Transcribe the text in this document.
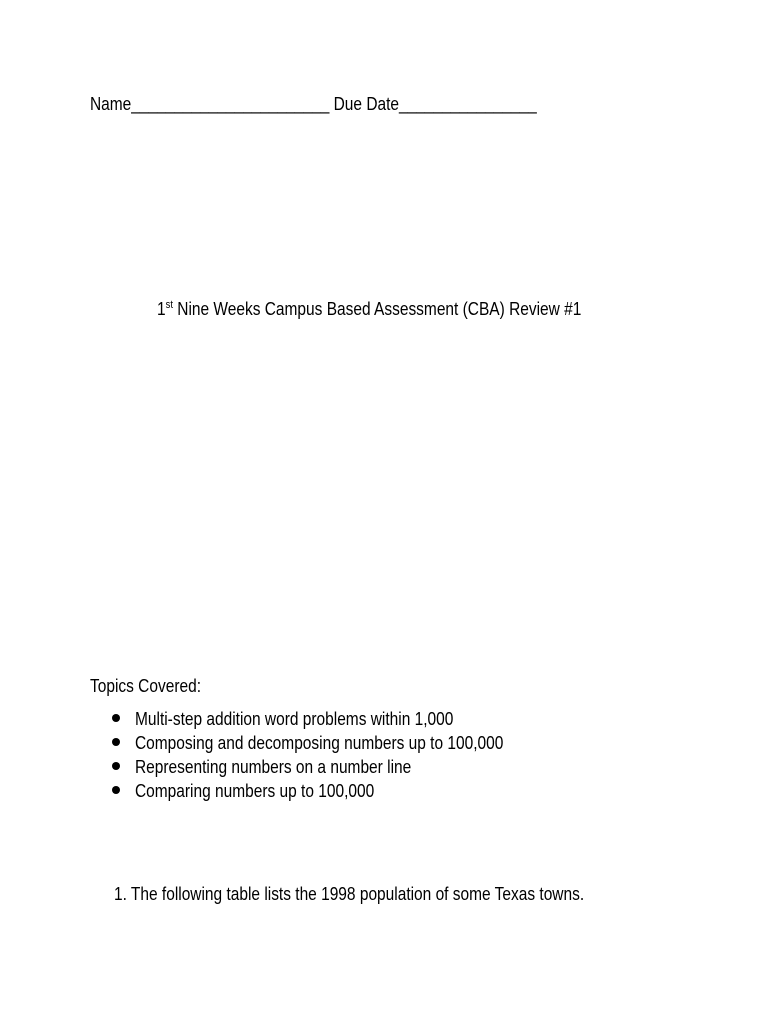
Name_______________________ Due Date________________
1st Nine Weeks Campus Based Assessment (CBA) Review #1
Topics Covered:
Multi-step addition word problems within 1,000
Composing and decomposing numbers up to 100,000
Representing numbers on a number line
Comparing numbers up to 100,000
1. The following table lists the 1998 population of some Texas towns.
